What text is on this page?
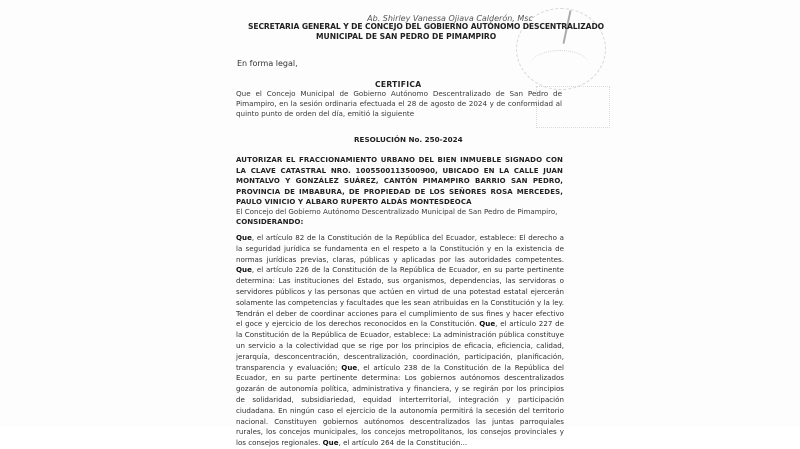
Ab. Shirley Vanessa Ojiava Calderón, Msc
SECRETARIA GENERAL Y DE CONCEJO DEL GOBIERNO AUTÓNOMO DESCENTRALIZADO
MUNICIPAL DE SAN PEDRO DE PIMAMPIRO
En forma legal,
CERTIFICA
Que el Concejo Municipal de Gobierno Autónomo Descentralizado de San Pedro de Pimampiro, en la sesión ordinaria efectuada el 28 de agosto de 2024 y de conformidad al quinto punto de orden del día, emitió la siguiente
RESOLUCIÓN No. 250-2024
AUTORIZAR EL FRACCIONAMIENTO URBANO DEL BIEN INMUEBLE SIGNADO CON LA CLAVE CATASTRAL NRO. 1005500113500900, UBICADO EN LA CALLE JUAN MONTALVO Y GONZÁLEZ SUÁREZ, CANTÓN PIMAMPIRO BARRIO SAN PEDRO, PROVINCIA DE IMBABURA, DE PROPIEDAD DE LOS SEÑORES ROSA MERCEDES, PAULO VINICIO Y ALBARO RUPERTO ALDÁS MONTESDEOCA
El Concejo del Gobierno Autónomo Descentralizado Municipal de San Pedro de Pimampiro,
CONSIDERANDO:
Que, el artículo 82 de la Constitución de la República del Ecuador, establece: El derecho a la seguridad jurídica se fundamenta en el respeto a la Constitución y en la existencia de normas jurídicas previas, claras, públicas y aplicadas por las autoridades competentes. Que, el artículo 226 de la Constitución de la República de Ecuador, en su parte pertinente determina: Las instituciones del Estado, sus organismos, dependencias, las servidoras o servidores públicos y las personas que actúen en virtud de una potestad estatal ejercerán solamente las competencias y facultades que les sean atribuidas en la Constitución y la ley. Tendrán el deber de coordinar acciones para el cumplimiento de sus fines y hacer efectivo el goce y ejercicio de los derechos reconocidos en la Constitución. Que, el artículo 227 de la Constitución de la República de Ecuador, establece: La administración pública constituye un servicio a la colectividad que se rige por los principios de eficacia, eficiencia, calidad, jerarquía, desconcentración, descentralización, coordinación, participación, planificación, transparencia y evaluación; Que, el artículo 238 de la Constitución de la República del Ecuador, en su parte pertinente determina: Los gobiernos autónomos descentralizados gozarán de autonomía política, administrativa y financiera, y se regirán por los principios de solidaridad, subsidiariedad, equidad interterritorial, integración y participación ciudadana. En ningún caso el ejercicio de la autonomía permitirá la secesión del territorio nacional. Constituyen gobiernos autónomos descentralizados las juntas parroquiales rurales, los concejos municipales, los concejos metropolitanos, los consejos provinciales y los consejos regionales. Que, el artículo 264 de la Constitución...
